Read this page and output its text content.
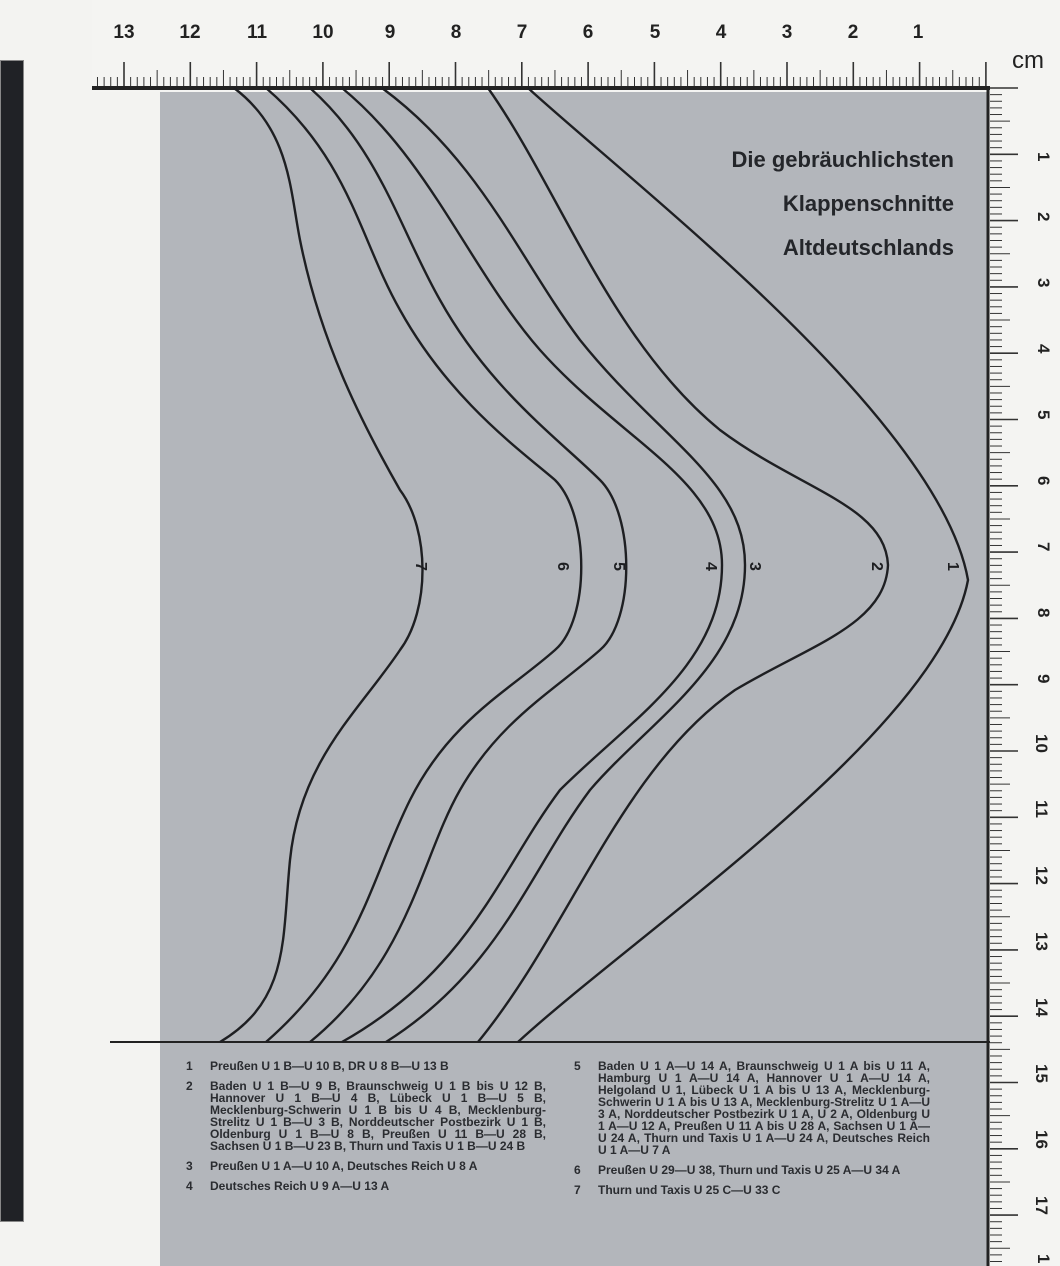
13 12 11 10	9	8	7	6	5	4	3	2	1
cm
1
2
3
4
5
6
7
8
9
10
11
12
13
14
15
16
17
1
7	6 5	4 3	2	1
Die gebräuchlichsten
Klappenschnitte
Altdeutschlands
1 Preußen U 1 B—U 10 B, DR U 8 B—U 13 B
2 Baden U 1 B—U 9 B, Braunschweig U 1 B bis U 12 B, Hannover U 1 B—U 4 B, Lübeck U 1 B—U 5 B, Mecklenburg-Schwerin U 1 B bis U 4 B, Mecklenburg-Strelitz U 1 B—U 3 B, Norddeutscher Postbezirk U 1 B, Oldenburg U 1 B—U 8 B, Preußen U 11 B—U 28 B, Sachsen U 1 B—U 23 B, Thurn und Taxis U 1 B—U 24 B
3 Preußen U 1 A—U 10 A, Deutsches Reich U 8 A
4 Deutsches Reich U 9 A—U 13 A
5 Baden U 1 A—U 14 A, Braunschweig U 1 A bis U 11 A, Hamburg U 1 A—U 14 A, Hannover U 1 A—U 14 A, Helgoland U 1, Lübeck U 1 A bis U 13 A, Mecklenburg-Schwerin U 1 A bis U 13 A, Mecklenburg-Strelitz U 1 A—U 3 A, Norddeutscher Postbezirk U 1 A, U 2 A, Oldenburg U 1 A—U 12 A, Preußen U 11 A bis U 28 A, Sachsen U 1 A—U 24 A, Thurn und Taxis U 1 A—U 24 A, Deutsches Reich U 1 A—U 7 A
6 Preußen U 29—U 38, Thurn und Taxis U 25 A—U 34 A
7 Thurn und Taxis U 25 C—U 33 C
